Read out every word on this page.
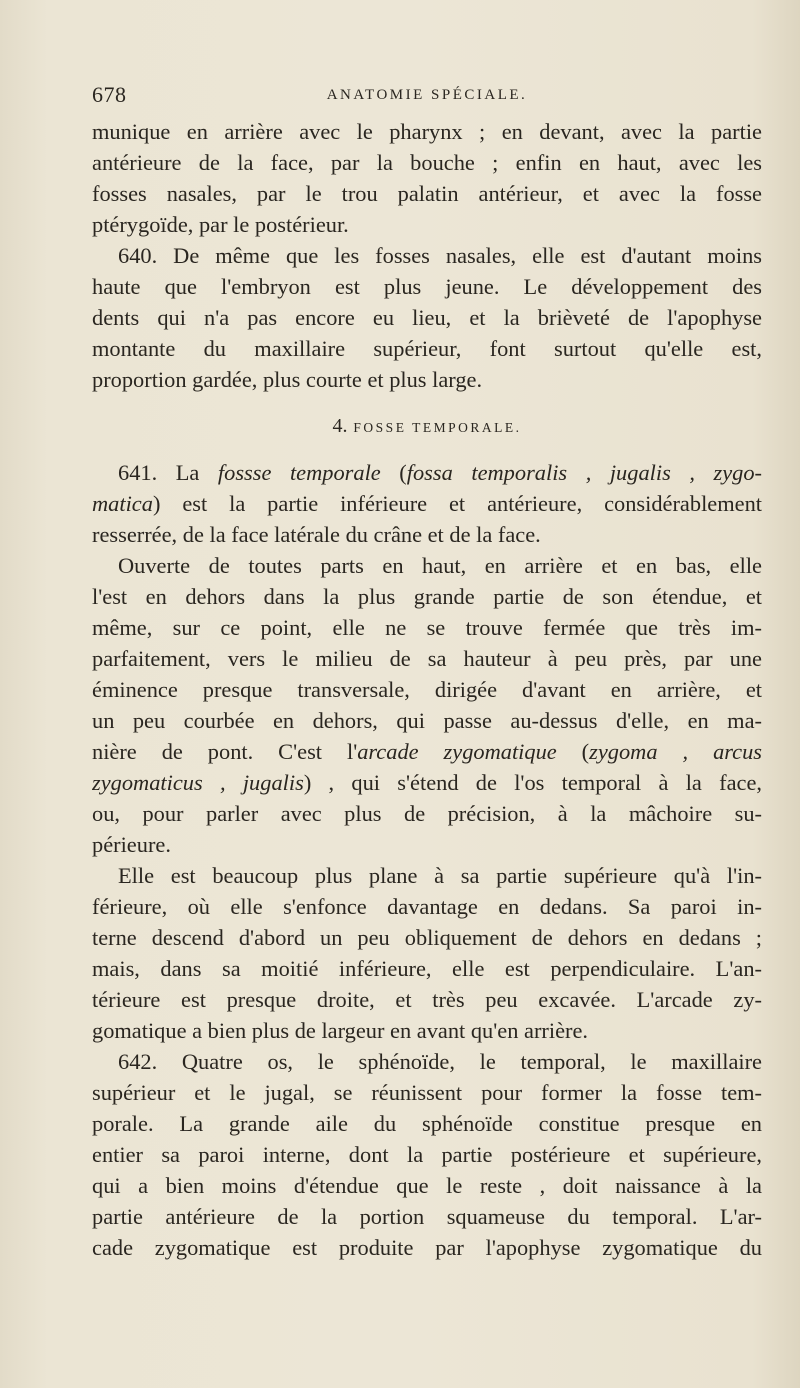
678	ANATOMIE SPÉCIALE.
munique en arrière avec le pharynx ; en devant, avec la partie
antérieure de la face, par la bouche ; enfin en haut, avec les
fosses nasales, par le trou palatin antérieur, et avec la fosse
ptérygoïde, par le postérieur.
640. De même que les fosses nasales, elle est d'autant moins
haute que l'embryon est plus jeune. Le développement des
dents qui n'a pas encore eu lieu, et la brièveté de l'apophyse
montante du maxillaire supérieur, font surtout qu'elle est,
proportion gardée, plus courte et plus large.
4. FOSSE TEMPORALE.
641. La fossse temporale (fossa temporalis , jugalis , zygo-
matica) est la partie inférieure et antérieure, considérablement
resserrée, de la face latérale du crâne et de la face.
Ouverte de toutes parts en haut, en arrière et en bas, elle
l'est en dehors dans la plus grande partie de son étendue, et
même, sur ce point, elle ne se trouve fermée que très im-
parfaitement, vers le milieu de sa hauteur à peu près, par une
éminence presque transversale, dirigée d'avant en arrière, et
un peu courbée en dehors, qui passe au-dessus d'elle, en ma-
nière de pont. C'est l'arcade zygomatique (zygoma , arcus
zygomaticus , jugalis) , qui s'étend de l'os temporal à la face,
ou, pour parler avec plus de précision, à la mâchoire su-
périeure.
Elle est beaucoup plus plane à sa partie supérieure qu'à l'in-
férieure, où elle s'enfonce davantage en dedans. Sa paroi in-
terne descend d'abord un peu obliquement de dehors en dedans ;
mais, dans sa moitié inférieure, elle est perpendiculaire. L'an-
térieure est presque droite, et très peu excavée. L'arcade zy-
gomatique a bien plus de largeur en avant qu'en arrière.
642. Quatre os, le sphénoïde, le temporal, le maxillaire
supérieur et le jugal, se réunissent pour former la fosse tem-
porale. La grande aile du sphénoïde constitue presque en
entier sa paroi interne, dont la partie postérieure et supérieure,
qui a bien moins d'étendue que le reste , doit naissance à la
partie antérieure de la portion squameuse du temporal. L'ar-
cade zygomatique est produite par l'apophyse zygomatique du
